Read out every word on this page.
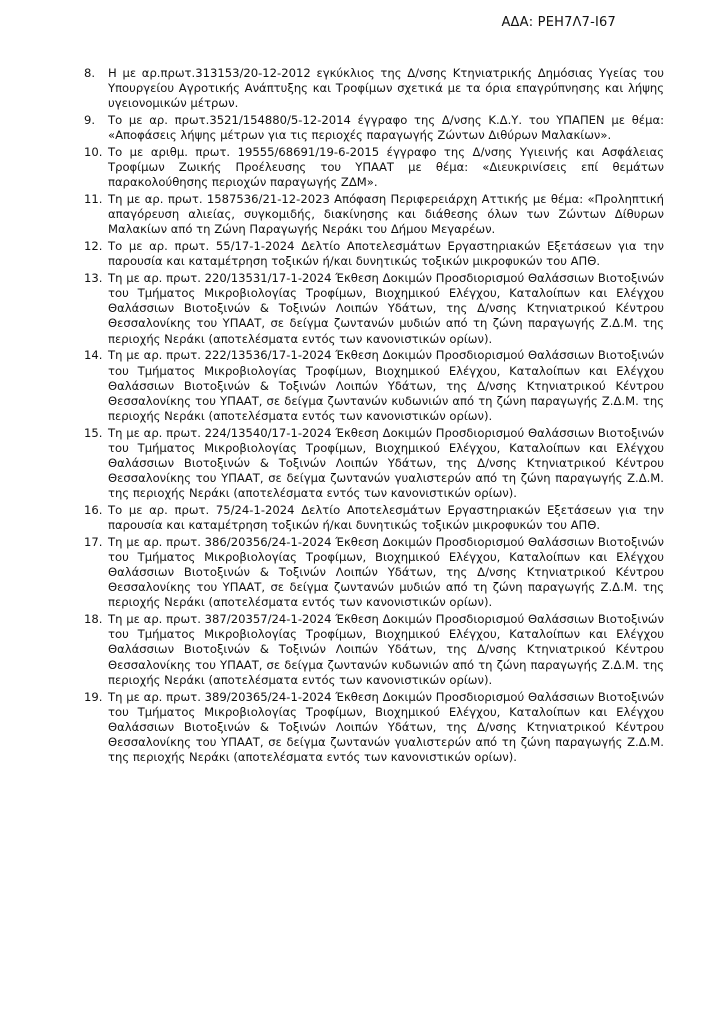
ΑΔΑ: ΡΕΗ7Λ7-Ι67
8.	Η με αρ.πρωτ.313153/20-12-2012 εγκύκλιος της Δ/νσης Κτηνιατρικής Δημόσιας Υγείας του Υπουργείου Αγροτικής Ανάπτυξης και Τροφίμων σχετικά με τα όρια επαγρύπνησης και λήψης υγειονομικών μέτρων.
9.	Το με αρ. πρωτ.3521/154880/5-12-2014 έγγραφο της Δ/νσης Κ.Δ.Υ. του ΥΠΑΠΕΝ με θέμα: «Αποφάσεις λήψης μέτρων για τις περιοχές παραγωγής Ζώντων Διθύρων Μαλακίων».
10. Το με αριθμ. πρωτ. 19555/68691/19-6-2015 έγγραφο της Δ/νσης Υγιεινής και Ασφάλειας Τροφίμων Ζωικής Προέλευσης του ΥΠΑΑΤ με θέμα: «Διευκρινίσεις επί θεμάτων παρακολούθησης περιοχών παραγωγής ΖΔΜ».
11. Τη με αρ. πρωτ. 1587536/21-12-2023 Απόφαση Περιφερειάρχη Αττικής με θέμα: «Προληπτική απαγόρευση αλιείας, συγκομιδής, διακίνησης και διάθεσης όλων των Ζώντων Δίθυρων Μαλακίων από τη Ζώνη Παραγωγής Νεράκι του Δήμου Μεγαρέων.
12. Το με αρ. πρωτ. 55/17-1-2024 Δελτίο Αποτελεσμάτων Εργαστηριακών Εξετάσεων για την παρουσία και καταμέτρηση τοξικών ή/και δυνητικώς τοξικών μικροφυκών του ΑΠΘ.
13. Τη με αρ. πρωτ. 220/13531/17-1-2024 Έκθεση Δοκιμών Προσδιορισμού Θαλάσσιων Βιοτοξινών του Τμήματος Μικροβιολογίας Τροφίμων, Βιοχημικού Ελέγχου, Καταλοίπων και Ελέγχου Θαλάσσιων Βιοτοξινών & Τοξινών Λοιπών Υδάτων, της Δ/νσης Κτηνιατρικού Κέντρου Θεσσαλονίκης του ΥΠΑΑΤ, σε δείγμα ζωντανών μυδιών από τη ζώνη παραγωγής Ζ.Δ.Μ. της περιοχής Νεράκι (αποτελέσματα εντός των κανονιστικών ορίων).
14. Τη με αρ. πρωτ. 222/13536/17-1-2024 Έκθεση Δοκιμών Προσδιορισμού Θαλάσσιων Βιοτοξινών του Τμήματος Μικροβιολογίας Τροφίμων, Βιοχημικού Ελέγχου, Καταλοίπων και Ελέγχου Θαλάσσιων Βιοτοξινών & Τοξινών Λοιπών Υδάτων, της Δ/νσης Κτηνιατρικού Κέντρου Θεσσαλονίκης του ΥΠΑΑΤ, σε δείγμα ζωντανών κυδωνιών από τη ζώνη παραγωγής Ζ.Δ.Μ. της περιοχής Νεράκι (αποτελέσματα εντός των κανονιστικών ορίων).
15. Τη με αρ. πρωτ. 224/13540/17-1-2024 Έκθεση Δοκιμών Προσδιορισμού Θαλάσσιων Βιοτοξινών του Τμήματος Μικροβιολογίας Τροφίμων, Βιοχημικού Ελέγχου, Καταλοίπων και Ελέγχου Θαλάσσιων Βιοτοξινών & Τοξινών Λοιπών Υδάτων, της Δ/νσης Κτηνιατρικού Κέντρου Θεσσαλονίκης του ΥΠΑΑΤ, σε δείγμα ζωντανών γυαλιστερών από τη ζώνη παραγωγής Ζ.Δ.Μ. της περιοχής Νεράκι (αποτελέσματα εντός των κανονιστικών ορίων).
16. Το με αρ. πρωτ. 75/24-1-2024 Δελτίο Αποτελεσμάτων Εργαστηριακών Εξετάσεων για την παρουσία και καταμέτρηση τοξικών ή/και δυνητικώς τοξικών μικροφυκών του ΑΠΘ.
17. Τη με αρ. πρωτ. 386/20356/24-1-2024 Έκθεση Δοκιμών Προσδιορισμού Θαλάσσιων Βιοτοξινών του Τμήματος Μικροβιολογίας Τροφίμων, Βιοχημικού Ελέγχου, Καταλοίπων και Ελέγχου Θαλάσσιων Βιοτοξινών & Τοξινών Λοιπών Υδάτων, της Δ/νσης Κτηνιατρικού Κέντρου Θεσσαλονίκης του ΥΠΑΑΤ, σε δείγμα ζωντανών μυδιών από τη ζώνη παραγωγής Ζ.Δ.Μ. της περιοχής Νεράκι (αποτελέσματα εντός των κανονιστικών ορίων).
18. Τη με αρ. πρωτ. 387/20357/24-1-2024 Έκθεση Δοκιμών Προσδιορισμού Θαλάσσιων Βιοτοξινών του Τμήματος Μικροβιολογίας Τροφίμων, Βιοχημικού Ελέγχου, Καταλοίπων και Ελέγχου Θαλάσσιων Βιοτοξινών & Τοξινών Λοιπών Υδάτων, της Δ/νσης Κτηνιατρικού Κέντρου Θεσσαλονίκης του ΥΠΑΑΤ, σε δείγμα ζωντανών κυδωνιών από τη ζώνη παραγωγής Ζ.Δ.Μ. της περιοχής Νεράκι (αποτελέσματα εντός των κανονιστικών ορίων).
19. Τη με αρ. πρωτ. 389/20365/24-1-2024 Έκθεση Δοκιμών Προσδιορισμού Θαλάσσιων Βιοτοξινών του Τμήματος Μικροβιολογίας Τροφίμων, Βιοχημικού Ελέγχου, Καταλοίπων και Ελέγχου Θαλάσσιων Βιοτοξινών & Τοξινών Λοιπών Υδάτων, της Δ/νσης Κτηνιατρικού Κέντρου Θεσσαλονίκης του ΥΠΑΑΤ, σε δείγμα ζωντανών γυαλιστερών από τη ζώνη παραγωγής Ζ.Δ.Μ. της περιοχής Νεράκι (αποτελέσματα εντός των κανονιστικών ορίων).
